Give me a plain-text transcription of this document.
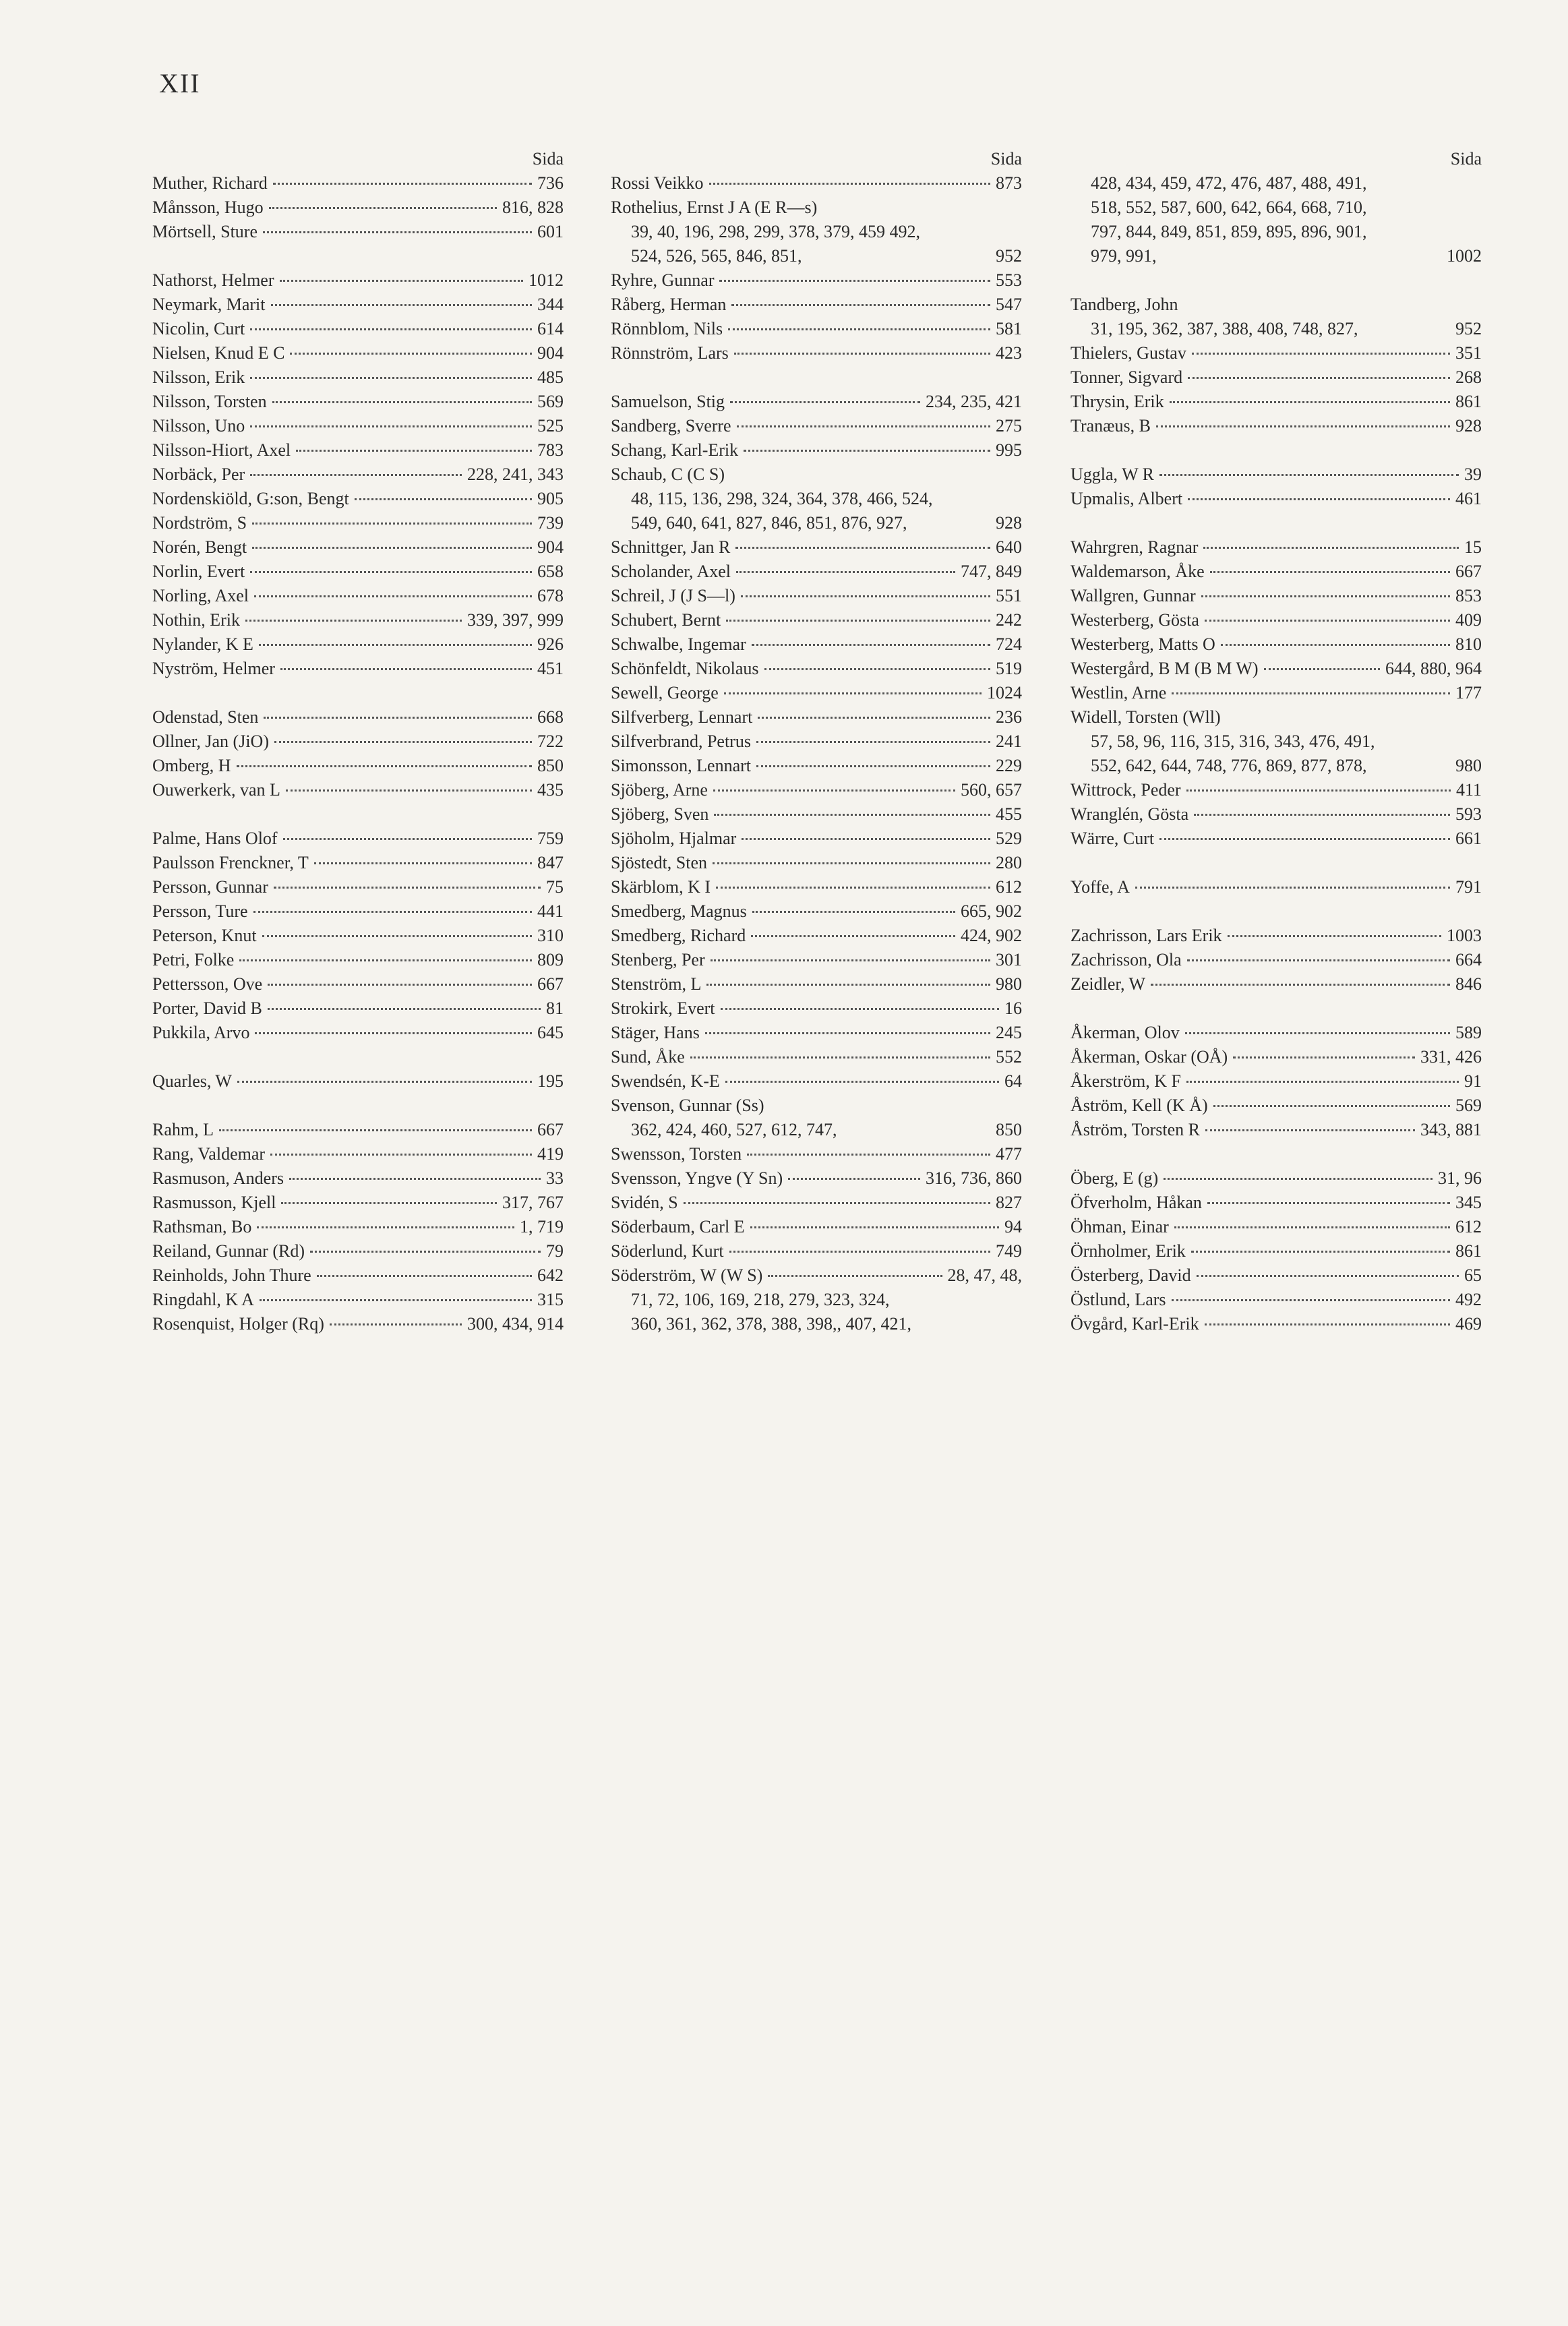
XII
Sida
Muther, Richard	736
Månsson, Hugo	816, 828
Mörtsell, Sture	601
Nathorst, Helmer	1012
Neymark, Marit	344
Nicolin, Curt	614
Nielsen, Knud E C	904
Nilsson, Erik	485
Nilsson, Torsten	569
Nilsson, Uno	525
Nilsson-Hiort, Axel	783
Norbäck, Per	228, 241, 343
Nordenskiöld, G:son, Bengt	905
Nordström, S	739
Norén, Bengt	904
Norlin, Evert	658
Norling, Axel	678
Nothin, Erik	339, 397, 999
Nylander, K E	926
Nyström, Helmer	451
Odenstad, Sten	668
Ollner, Jan (JiO)	722
Omberg, H	850
Ouwerkerk, van L	435
Palme, Hans Olof	759
Paulsson Frenckner, T	847
Persson, Gunnar	75
Persson, Ture	441
Peterson, Knut	310
Petri, Folke	809
Pettersson, Ove	667
Porter, David B	81
Pukkila, Arvo	645
Quarles, W	195
Rahm, L	667
Rang, Valdemar	419
Rasmuson, Anders	33
Rasmusson, Kjell	317, 767
Rathsman, Bo	1, 719
Reiland, Gunnar (Rd)	79
Reinholds, John Thure	642
Ringdahl, K A	315
Rosenquist, Holger (Rq)	300, 434, 914
Sida
Rossi Veikko	873
Rothelius, Ernst J A (E R—s)
39, 40, 196, 298, 299, 378, 379, 459 492,
524, 526, 565, 846, 851,	952
Ryhre, Gunnar	553
Råberg, Herman	547
Rönnblom, Nils	581
Rönnström, Lars	423
Samuelson, Stig	234, 235, 421
Sandberg, Sverre	275
Schang, Karl-Erik	995
Schaub, C (C S)
48, 115, 136, 298, 324, 364, 378, 466, 524,
549, 640, 641, 827, 846, 851, 876, 927,	928
Schnittger, Jan R	640
Scholander, Axel	747, 849
Schreil, J (J S—l)	551
Schubert, Bernt	242
Schwalbe, Ingemar	724
Schönfeldt, Nikolaus	519
Sewell, George	1024
Silfverberg, Lennart	236
Silfverbrand, Petrus	241
Simonsson, Lennart	229
Sjöberg, Arne	560, 657
Sjöberg, Sven	455
Sjöholm, Hjalmar	529
Sjöstedt, Sten	280
Skärblom, K I	612
Smedberg, Magnus	665, 902
Smedberg, Richard	424, 902
Stenberg, Per	301
Stenström, L	980
Strokirk, Evert	16
Stäger, Hans	245
Sund, Åke	552
Swendsén, K-E	64
Svenson, Gunnar (Ss)
362, 424, 460, 527, 612, 747,	850
Swensson, Torsten	477
Svensson, Yngve (Y Sn)	316, 736, 860
Svidén, S	827
Söderbaum, Carl E	94
Söderlund, Kurt	749
Söderström, W (W S)	28, 47, 48,
71, 72, 106, 169, 218, 279, 323, 324,
360, 361, 362, 378, 388, 398,, 407, 421,
Sida
428, 434, 459, 472, 476, 487, 488, 491,
518, 552, 587, 600, 642, 664, 668, 710,
797, 844, 849, 851, 859, 895, 896, 901,
979, 991,	1002
Tandberg, John
31, 195, 362, 387, 388, 408, 748, 827,	952
Thielers, Gustav	351
Tonner, Sigvard	268
Thrysin, Erik	861
Tranæus, B	928
Uggla, W R	39
Upmalis, Albert	461
Wahrgren, Ragnar	15
Waldemarson, Åke	667
Wallgren, Gunnar	853
Westerberg, Gösta	409
Westerberg, Matts O	810
Westergård, B M (B M W)	644, 880, 964
Westlin, Arne	177
Widell, Torsten (Wll)
57, 58, 96, 116, 315, 316, 343, 476, 491,
552, 642, 644, 748, 776, 869, 877, 878,	980
Wittrock, Peder	411
Wranglén, Gösta	593
Wärre, Curt	661
Yoffe, A	791
Zachrisson, Lars Erik	1003
Zachrisson, Ola	664
Zeidler, W	846
Åkerman, Olov	589
Åkerman, Oskar (OÅ)	331, 426
Åkerström, K F	91
Åström, Kell (K Å)	569
Åström, Torsten R	343, 881
Öberg, E (g)	31, 96
Öfverholm, Håkan	345
Öhman, Einar	612
Örnholmer, Erik	861
Österberg, David	65
Östlund, Lars	492
Övgård, Karl-Erik	469
